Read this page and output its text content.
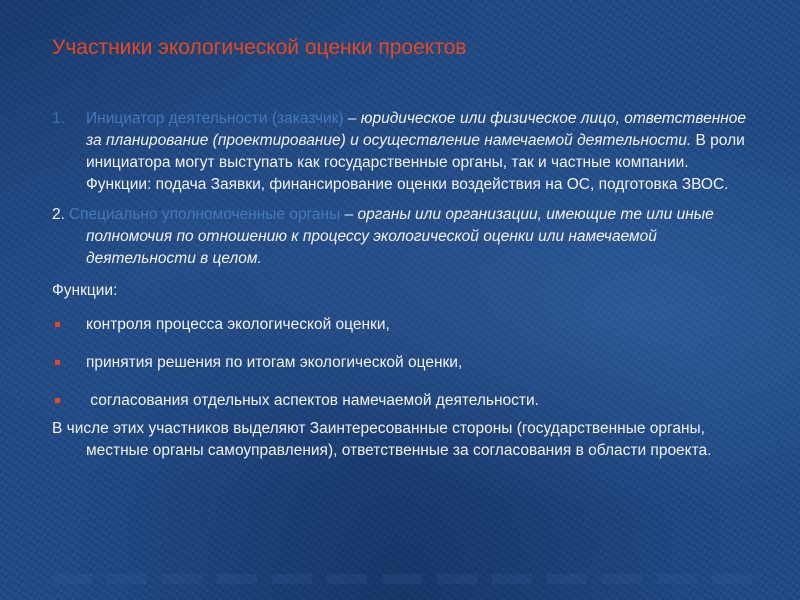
Участники экологической оценки проектов

1. Инициатор деятельности (заказчик) – юридическое или физическое лицо, ответственное за планирование (проектирование) и осуществление намечаемой деятельности. В роли инициатора могут выступать как государственные органы, так и частные компании. Функции: подача Заявки, финансирование оценки воздействия на ОС, подготовка ЗВОС.

2. Специально уполномоченные органы – органы или организации, имеющие те или иные полномочия по отношению к процессу экологической оценки или намечаемой деятельности в целом.

Функции:

контроля процесса экологической оценки,
принятия решения по итогам экологической оценки,
согласования отдельных аспектов намечаемой деятельности.

В числе этих участников выделяют Заинтересованные стороны (государственные органы, местные органы самоуправления), ответственные за согласования в области проекта.
